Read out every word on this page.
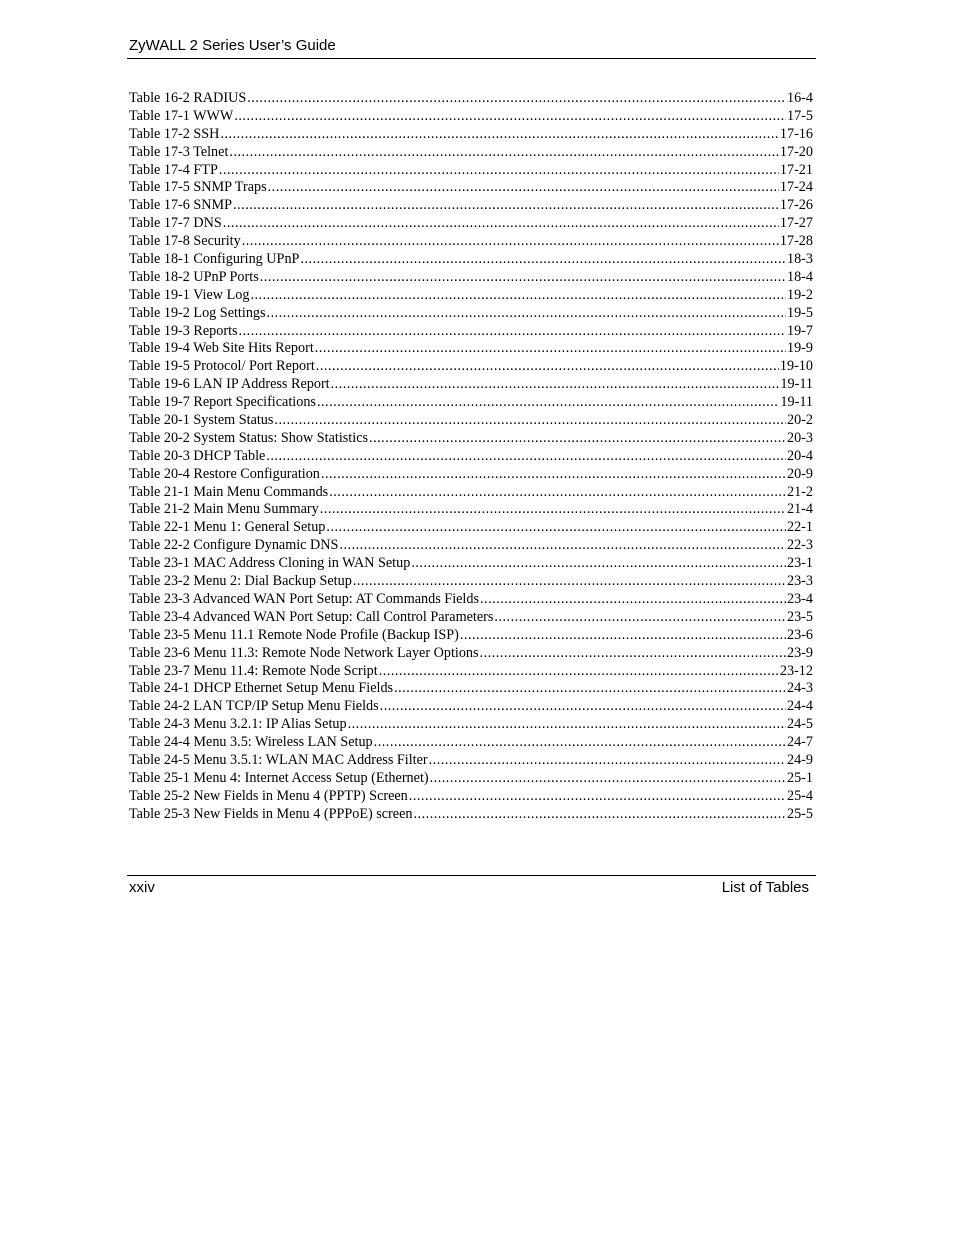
ZyWALL 2 Series User’s Guide
Table 16-2 RADIUS .....	16-4
Table 17-1 WWW .....	17-5
Table 17-2 SSH .....	17-16
Table 17-3 Telnet .....	17-20
Table 17-4 FTP .....	17-21
Table 17-5 SNMP Traps .....	17-24
Table 17-6 SNMP .....	17-26
Table 17-7 DNS .....	17-27
Table 17-8 Security .....	17-28
Table 18-1 Configuring UPnP .....	18-3
Table 18-2 UPnP Ports .....	18-4
Table 19-1 View Log .....	19-2
Table 19-2 Log Settings .....	19-5
Table 19-3 Reports .....	19-7
Table 19-4 Web Site Hits Report .....	19-9
Table 19-5 Protocol/ Port Report .....	19-10
Table 19-6 LAN IP Address Report .....	19-11
Table 19-7 Report Specifications .....	19-11
Table 20-1 System Status .....	20-2
Table 20-2 System Status: Show Statistics .....	20-3
Table 20-3 DHCP Table .....	20-4
Table 20-4 Restore Configuration .....	20-9
Table 21-1 Main Menu Commands .....	21-2
Table 21-2 Main Menu Summary .....	21-4
Table 22-1 Menu 1: General Setup .....	22-1
Table 22-2 Configure Dynamic DNS .....	22-3
Table 23-1 MAC Address Cloning in WAN Setup .....	23-1
Table 23-2 Menu 2: Dial Backup Setup .....	23-3
Table 23-3 Advanced WAN Port Setup: AT Commands Fields .....	23-4
Table 23-4 Advanced WAN Port Setup: Call Control Parameters .....	23-5
Table 23-5 Menu 11.1 Remote Node Profile (Backup ISP) .....	23-6
Table 23-6 Menu 11.3: Remote Node Network Layer Options .....	23-9
Table 23-7 Menu 11.4: Remote Node Script .....	23-12
Table 24-1 DHCP Ethernet Setup Menu Fields .....	24-3
Table 24-2 LAN TCP/IP Setup Menu Fields .....	24-4
Table 24-3 Menu 3.2.1: IP Alias Setup .....	24-5
Table 24-4 Menu 3.5: Wireless LAN Setup .....	24-7
Table 24-5 Menu 3.5.1: WLAN MAC Address Filter .....	24-9
Table 25-1 Menu 4: Internet Access Setup (Ethernet) .....	25-1
Table 25-2 New Fields in Menu 4 (PPTP) Screen .....	25-4
Table 25-3 New Fields in Menu 4 (PPPoE) screen .....	25-5
xxiv	List of Tables
